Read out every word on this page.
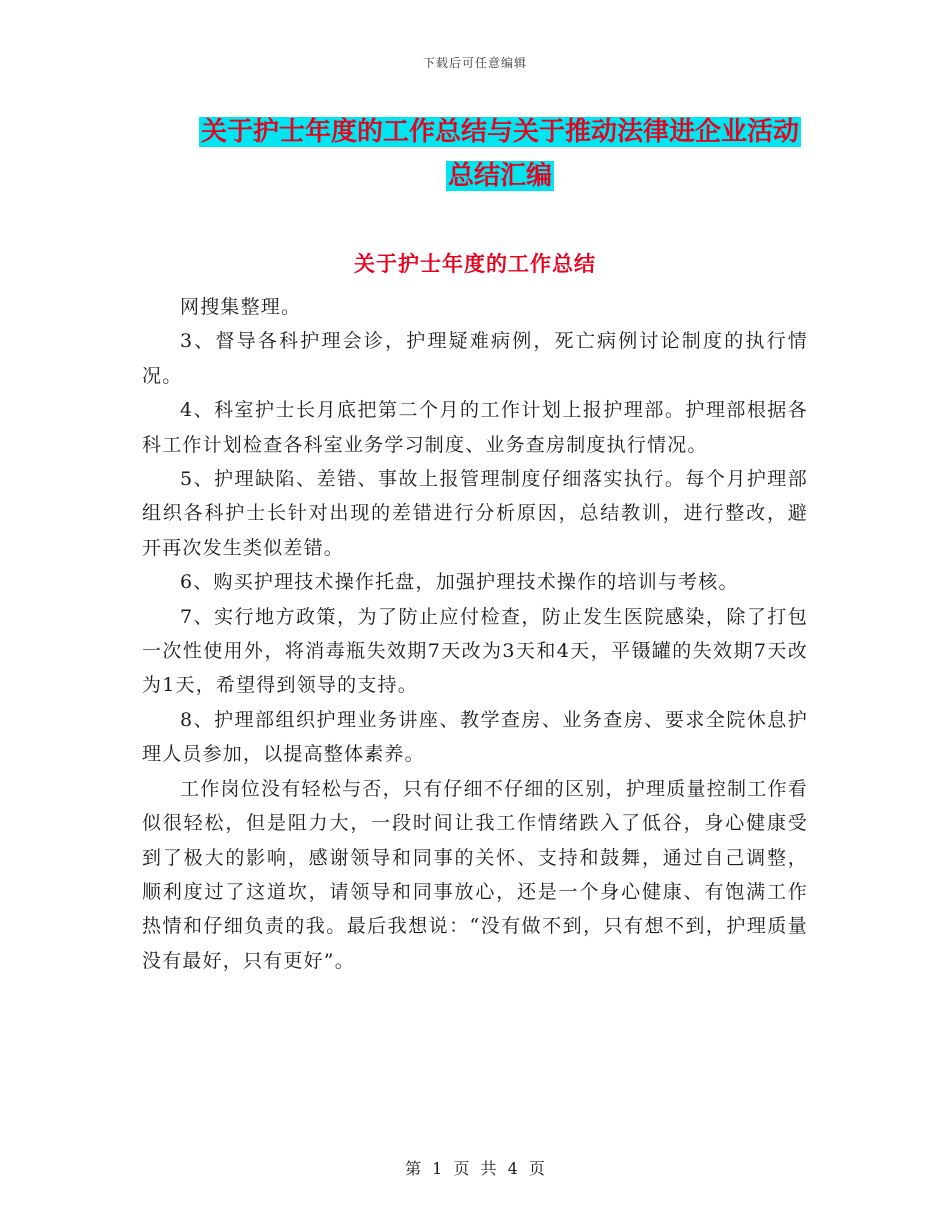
下载后可任意编辑
关于护士年度的工作总结与关于推动法律进企业活动
总结汇编
关于护士年度的工作总结

网搜集整理。

3、督导各科护理会诊，护理疑难病例，死亡病例讨论制度的执行情况。

4、科室护士长月底把第二个月的工作计划上报护理部。护理部根据各科工作计划检查各科室业务学习制度、业务查房制度执行情况。

5、护理缺陷、差错、事故上报管理制度仔细落实执行。每个月护理部组织各科护士长针对出现的差错进行分析原因，总结教训，进行整改，避开再次发生类似差错。

6、购买护理技术操作托盘，加强护理技术操作的培训与考核。

7、实行地方政策，为了防止应付检查，防止发生医院感染，除了打包一次性使用外，将消毒瓶失效期7天改为3天和4天，平镊罐的失效期7天改为1天，希望得到领导的支持。

8、护理部组织护理业务讲座、教学查房、业务查房、要求全院休息护理人员参加，以提高整体素养。

工作岗位没有轻松与否，只有仔细不仔细的区别，护理质量控制工作看似很轻松，但是阻力大，一段时间让我工作情绪跌入了低谷，身心健康受到了极大的影响，感谢领导和同事的关怀、支持和鼓舞，通过自己调整，顺利度过了这道坎，请领导和同事放心，还是一个身心健康、有饱满工作热情和仔细负责的我。最后我想说：“没有做不到，只有想不到，护理质量没有最好，只有更好”。

第 1 页 共 4 页
